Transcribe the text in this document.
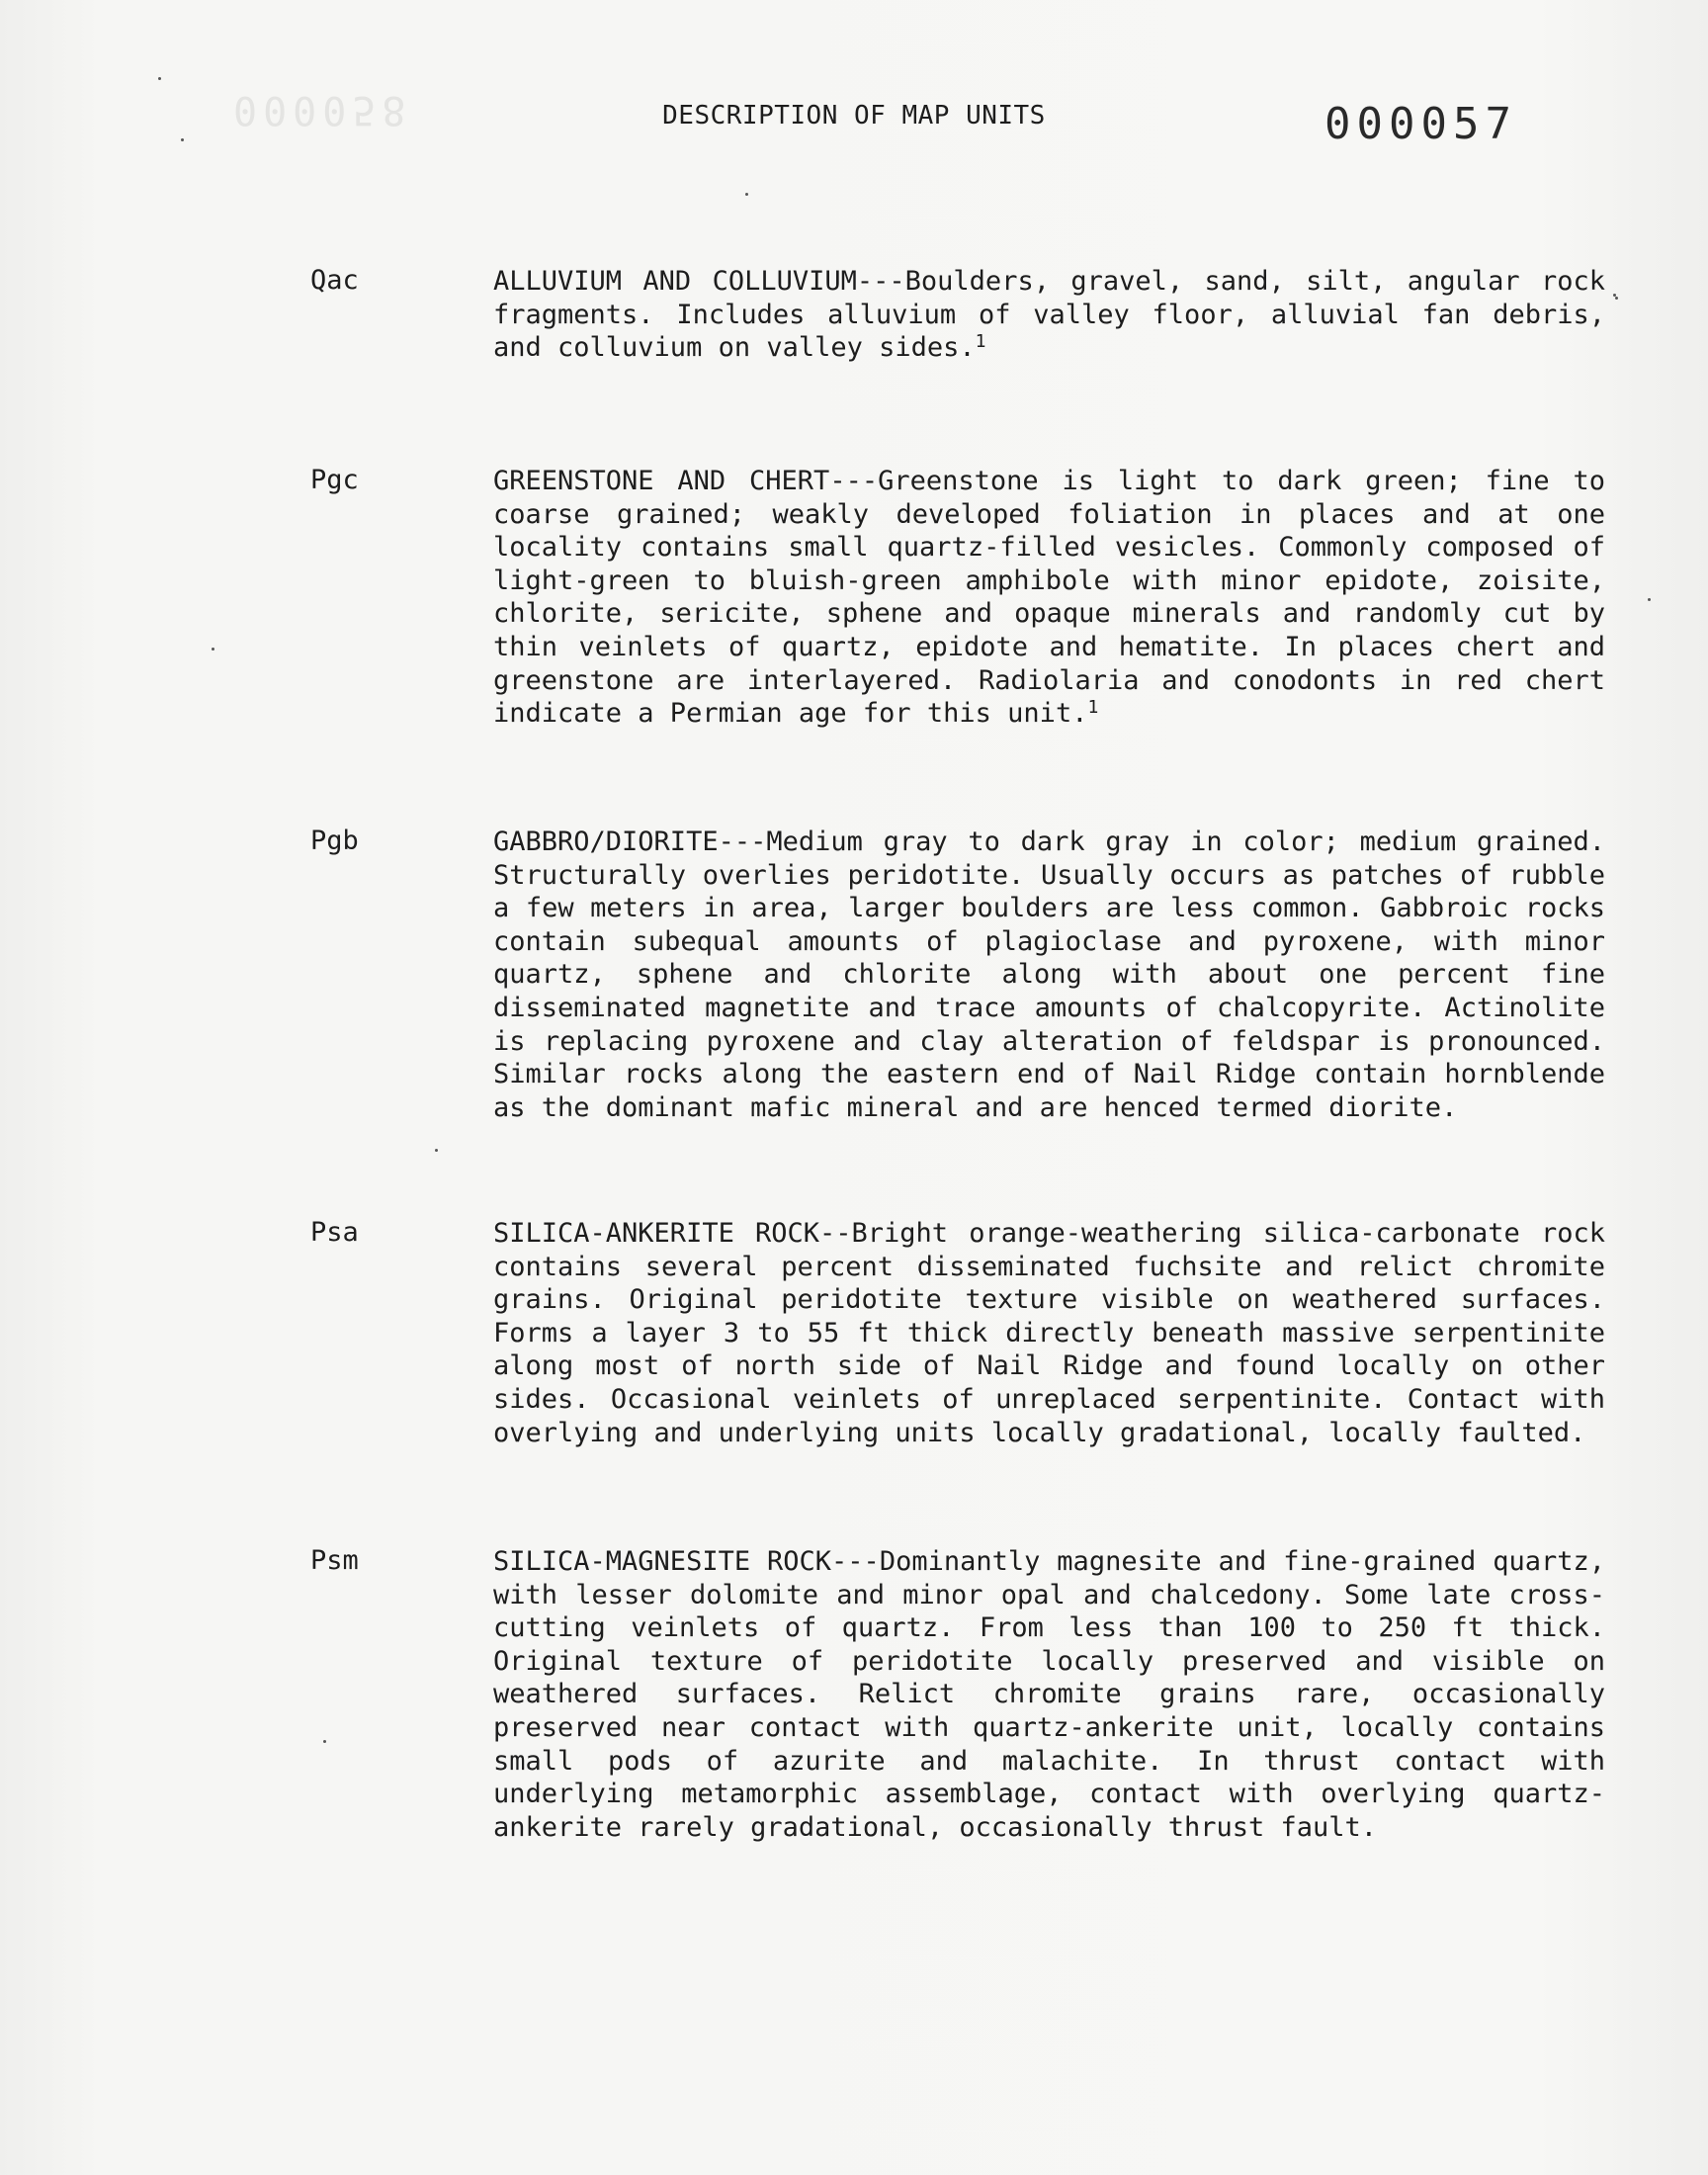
000058	DESCRIPTION OF MAP UNITS	000057
Qac	ALLUVIUM AND COLLUVIUM---Boulders, gravel, sand, silt, angular rock fragments. Includes alluvium of valley floor, alluvial fan debris, and colluvium on valley sides.$^1$

Pgc	GREENSTONE AND CHERT---Greenstone is light to dark green; fine to coarse grained; weakly developed foliation in places and at one locality contains small quartz-filled vesicles. Commonly composed of light-green to bluish-green amphibole with minor epidote, zoisite, chlorite, sericite, sphene and opaque minerals and randomly cut by thin veinlets of quartz, epidote and hematite. In places chert and greenstone are interlayered. Radiolaria and conodonts in red chert indicate a Permian age for this unit.$^1$

Pgb	GABBRO/DIORITE---Medium gray to dark gray in color; medium grained. Structurally overlies peridotite. Usually occurs as patches of rubble a few meters in area, larger boulders are less common. Gabbroic rocks contain subequal amounts of plagioclase and pyroxene, with minor quartz, sphene and chlorite along with about one percent fine disseminated magnetite and trace amounts of chalcopyrite. Actinolite is replacing pyroxene and clay alteration of feldspar is pronounced. Similar rocks along the eastern end of Nail Ridge contain hornblende as the dominant mafic mineral and are henced termed diorite.

Psa	SILICA-ANKERITE ROCK--Bright orange-weathering silica-carbonate rock contains several percent disseminated fuchsite and relict chromite grains. Original peridotite texture visible on weathered surfaces. Forms a layer 3 to 55 ft thick directly beneath massive serpentinite along most of north side of Nail Ridge and found locally on other sides. Occasional veinlets of unreplaced serpentinite. Contact with overlying and underlying units locally gradational, locally faulted.

Psm	SILICA-MAGNESITE ROCK---Dominantly magnesite and fine-grained quartz, with lesser dolomite and minor opal and chalcedony. Some late cross-cutting veinlets of quartz. From less than 100 to 250 ft thick. Original texture of peridotite locally preserved and visible on weathered surfaces. Relict chromite grains rare, occasionally preserved near contact with quartz-ankerite unit, locally contains small pods of azurite and malachite. In thrust contact with underlying metamorphic assemblage, contact with overlying quartz-ankerite rarely gradational, occasionally thrust fault.
